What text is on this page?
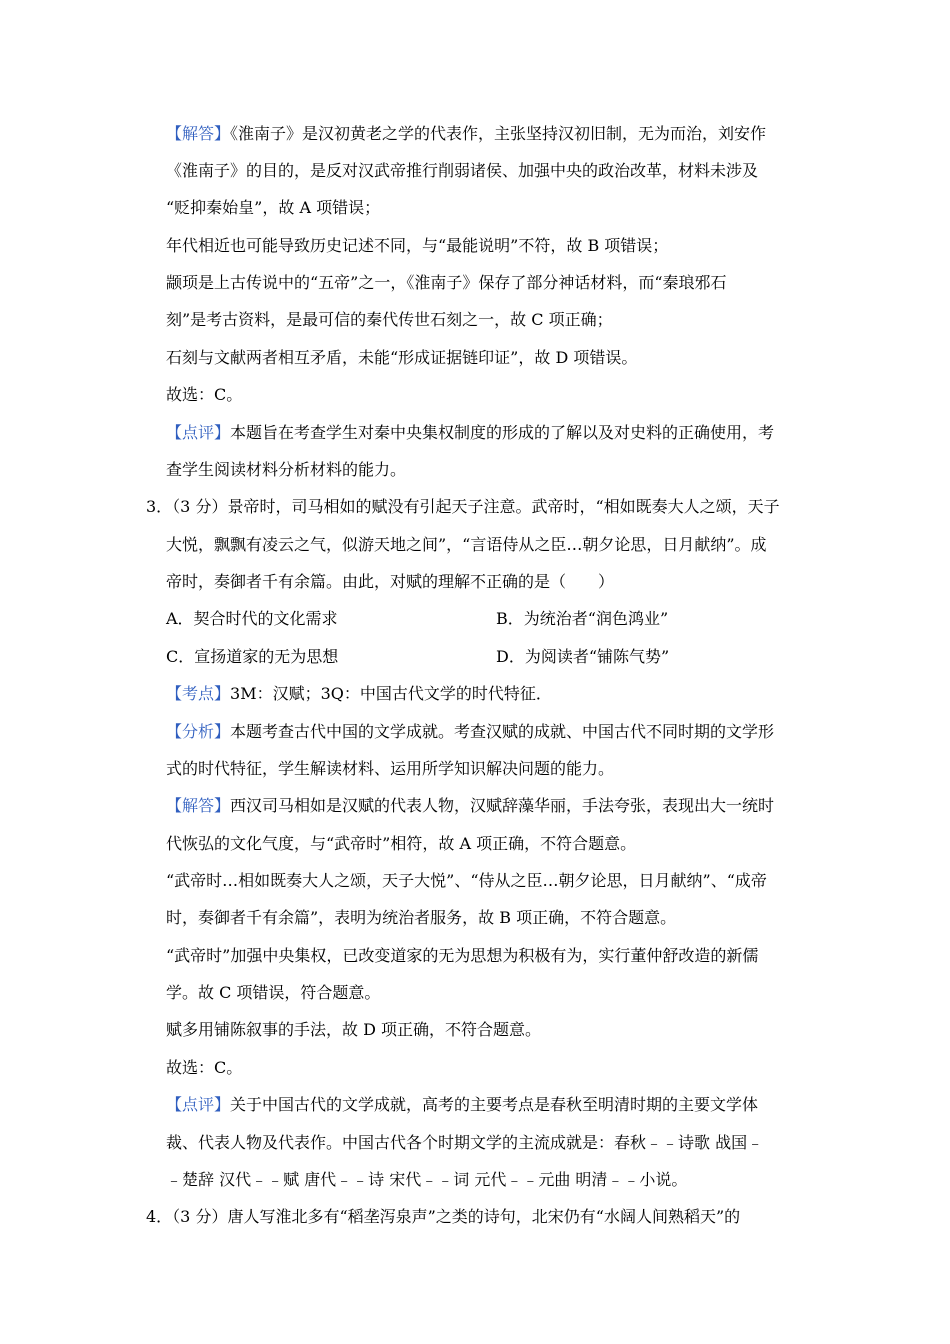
【解答】《淮南子》是汉初黄老之学的代表作，主张坚持汉初旧制，无为而治，刘安作
《淮南子》的目的，是反对汉武帝推行削弱诸侯、加强中央的政治改革，材料未涉及
“贬抑秦始皇”，故 A 项错误；
年代相近也可能导致历史记述不同，与“最能说明”不符，故 B 项错误；
颛顼是上古传说中的“五帝”之一，《淮南子》保存了部分神话材料，而“秦琅邪石
刻”是考古资料，是最可信的秦代传世石刻之一，故 C 项正确；
石刻与文献两者相互矛盾，未能“形成证据链印证”，故 D 项错误。
故选：C。
【点评】本题旨在考查学生对秦中央集权制度的形成的了解以及对史料的正确使用，考
查学生阅读材料分析材料的能力。
3．（3 分）景帝时，司马相如的赋没有引起天子注意。武帝时，“相如既奏大人之颂，天子
大悦，飘飘有凌云之气，似游天地之间”，“言语侍从之臣…朝夕论思，日月献纳”。成
帝时，奏御者千有余篇。由此，对赋的理解不正确的是（　　）
A．契合时代的文化需求	B．为统治者“润色鸿业”
C．宣扬道家的无为思想	D．为阅读者“铺陈气势”
【考点】3M：汉赋；3Q：中国古代文学的时代特征．
【分析】本题考查古代中国的文学成就。考查汉赋的成就、中国古代不同时期的文学形
式的时代特征，学生解读材料、运用所学知识解决问题的能力。
【解答】西汉司马相如是汉赋的代表人物，汉赋辞藻华丽，手法夸张，表现出大一统时
代恢弘的文化气度，与“武帝时”相符，故 A 项正确，不符合题意。
“武帝时…相如既奏大人之颂，天子大悦”、“侍从之臣…朝夕论思，日月献纳”、“成帝
时，奏御者千有余篇”，表明为统治者服务，故 B 项正确，不符合题意。
“武帝时”加强中央集权，已改变道家的无为思想为积极有为，实行董仲舒改造的新儒
学。故 C 项错误，符合题意。
赋多用铺陈叙事的手法，故 D 项正确，不符合题意。
故选：C。
【点评】关于中国古代的文学成就，高考的主要考点是春秋至明清时期的主要文学体
裁、代表人物及代表作。中国古代各个时期文学的主流成就是：春秋﹣﹣诗歌 战国﹣
﹣楚辞 汉代﹣﹣赋 唐代﹣﹣诗 宋代﹣﹣词 元代﹣﹣元曲 明清﹣﹣小说。
4．（3 分）唐人写淮北多有“稻垄泻泉声”之类的诗句，北宋仍有“水阔人间熟稻天”的
